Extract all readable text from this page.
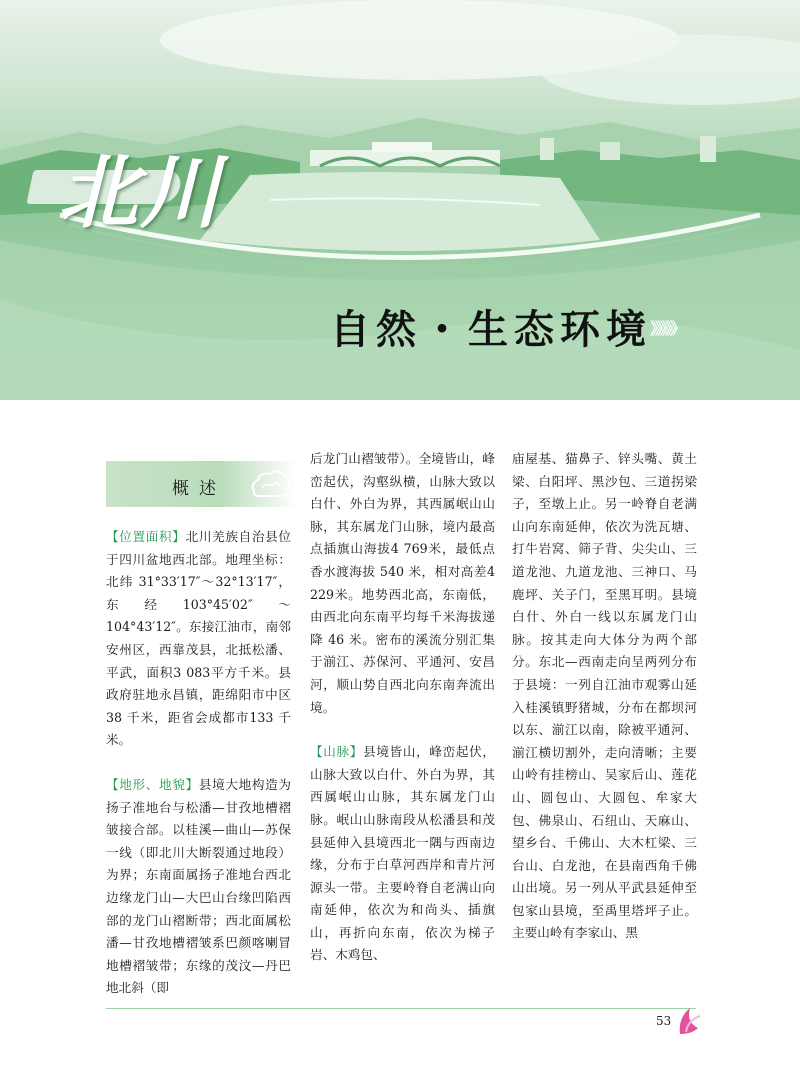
北
川
自然・生态环境
》》》》》
概述

【位置面积】北川羌族自治县位于四川盆地西北部。地理坐标：北纬 31°33′17″～32°13′17″，东经103°45′02″～104°43′12″。东接江油市，南邻安州区，西靠茂县，北抵松潘、平武，面积3 083平方千米。县政府驻地永昌镇，距绵阳市中区 38 千米，距省会成都市133 千米。

【地形、地貌】县境大地构造为扬子准地台与松潘—甘孜地槽褶皱接合部。以桂溪—曲山—苏保一线（即北川大断裂通过地段）为界；东南面属扬子准地台西北边缘龙门山—大巴山台缘凹陷西部的龙门山褶断带；西北面属松潘—甘孜地槽褶皱系巴颜喀喇冒地槽褶皱带；东缘的茂汶—丹巴地北斜（即

后龙门山褶皱带）。全境皆山，峰峦起伏，沟壑纵横，山脉大致以白什、外白为界，其西属岷山山脉，其东属龙门山脉，境内最高点插旗山海拔4 769米，最低点香水渡海拔 540 米，相对高差4 229米。地势西北高，东南低，由西北向东南平均每千米海拔递降 46 米。密布的溪流分别汇集于湔江、苏保河、平通河、安昌河，顺山势自西北向东南奔流出境。

【山脉】县境皆山，峰峦起伏，山脉大致以白什、外白为界，其西属岷山山脉，其东属龙门山脉。岷山山脉南段从松潘县和茂县延伸入县境西北一隅与西南边缘，分布于白草河西岸和青片河源头一带。主要岭脊自老满山向南延伸，依次为和尚头、插旗山，再折向东南，依次为梯子岩、木鸡包、

庙屋基、猫鼻子、锌头嘴、黄土梁、白阳坪、黑沙包、三道拐梁子，至墩上止。另一岭脊自老满山向东南延伸，依次为洗瓦塘、打牛岩窝、筛子背、尖尖山、三道龙池、九道龙池、三神口、马鹿坪、关子门，至黑耳明。县境白什、外白一线以东属龙门山脉。按其走向大体分为两个部分。东北—西南走向呈两列分布于县境：一列自江油市观雾山延入桂溪镇野猪城，分布在都坝河以东、湔江以南，除被平通河、湔江横切割外，走向清晰；主要山岭有挂榜山、吴家后山、莲花山、圆包山、大圆包、牟家大包、佛泉山、石纽山、天麻山、望乡台、千佛山、大木杠梁、三台山、白龙池，在县南西角千佛山出境。另一列从平武县延伸至包家山县境，至禹里塔坪子止。主要山岭有李家山、黑

53
